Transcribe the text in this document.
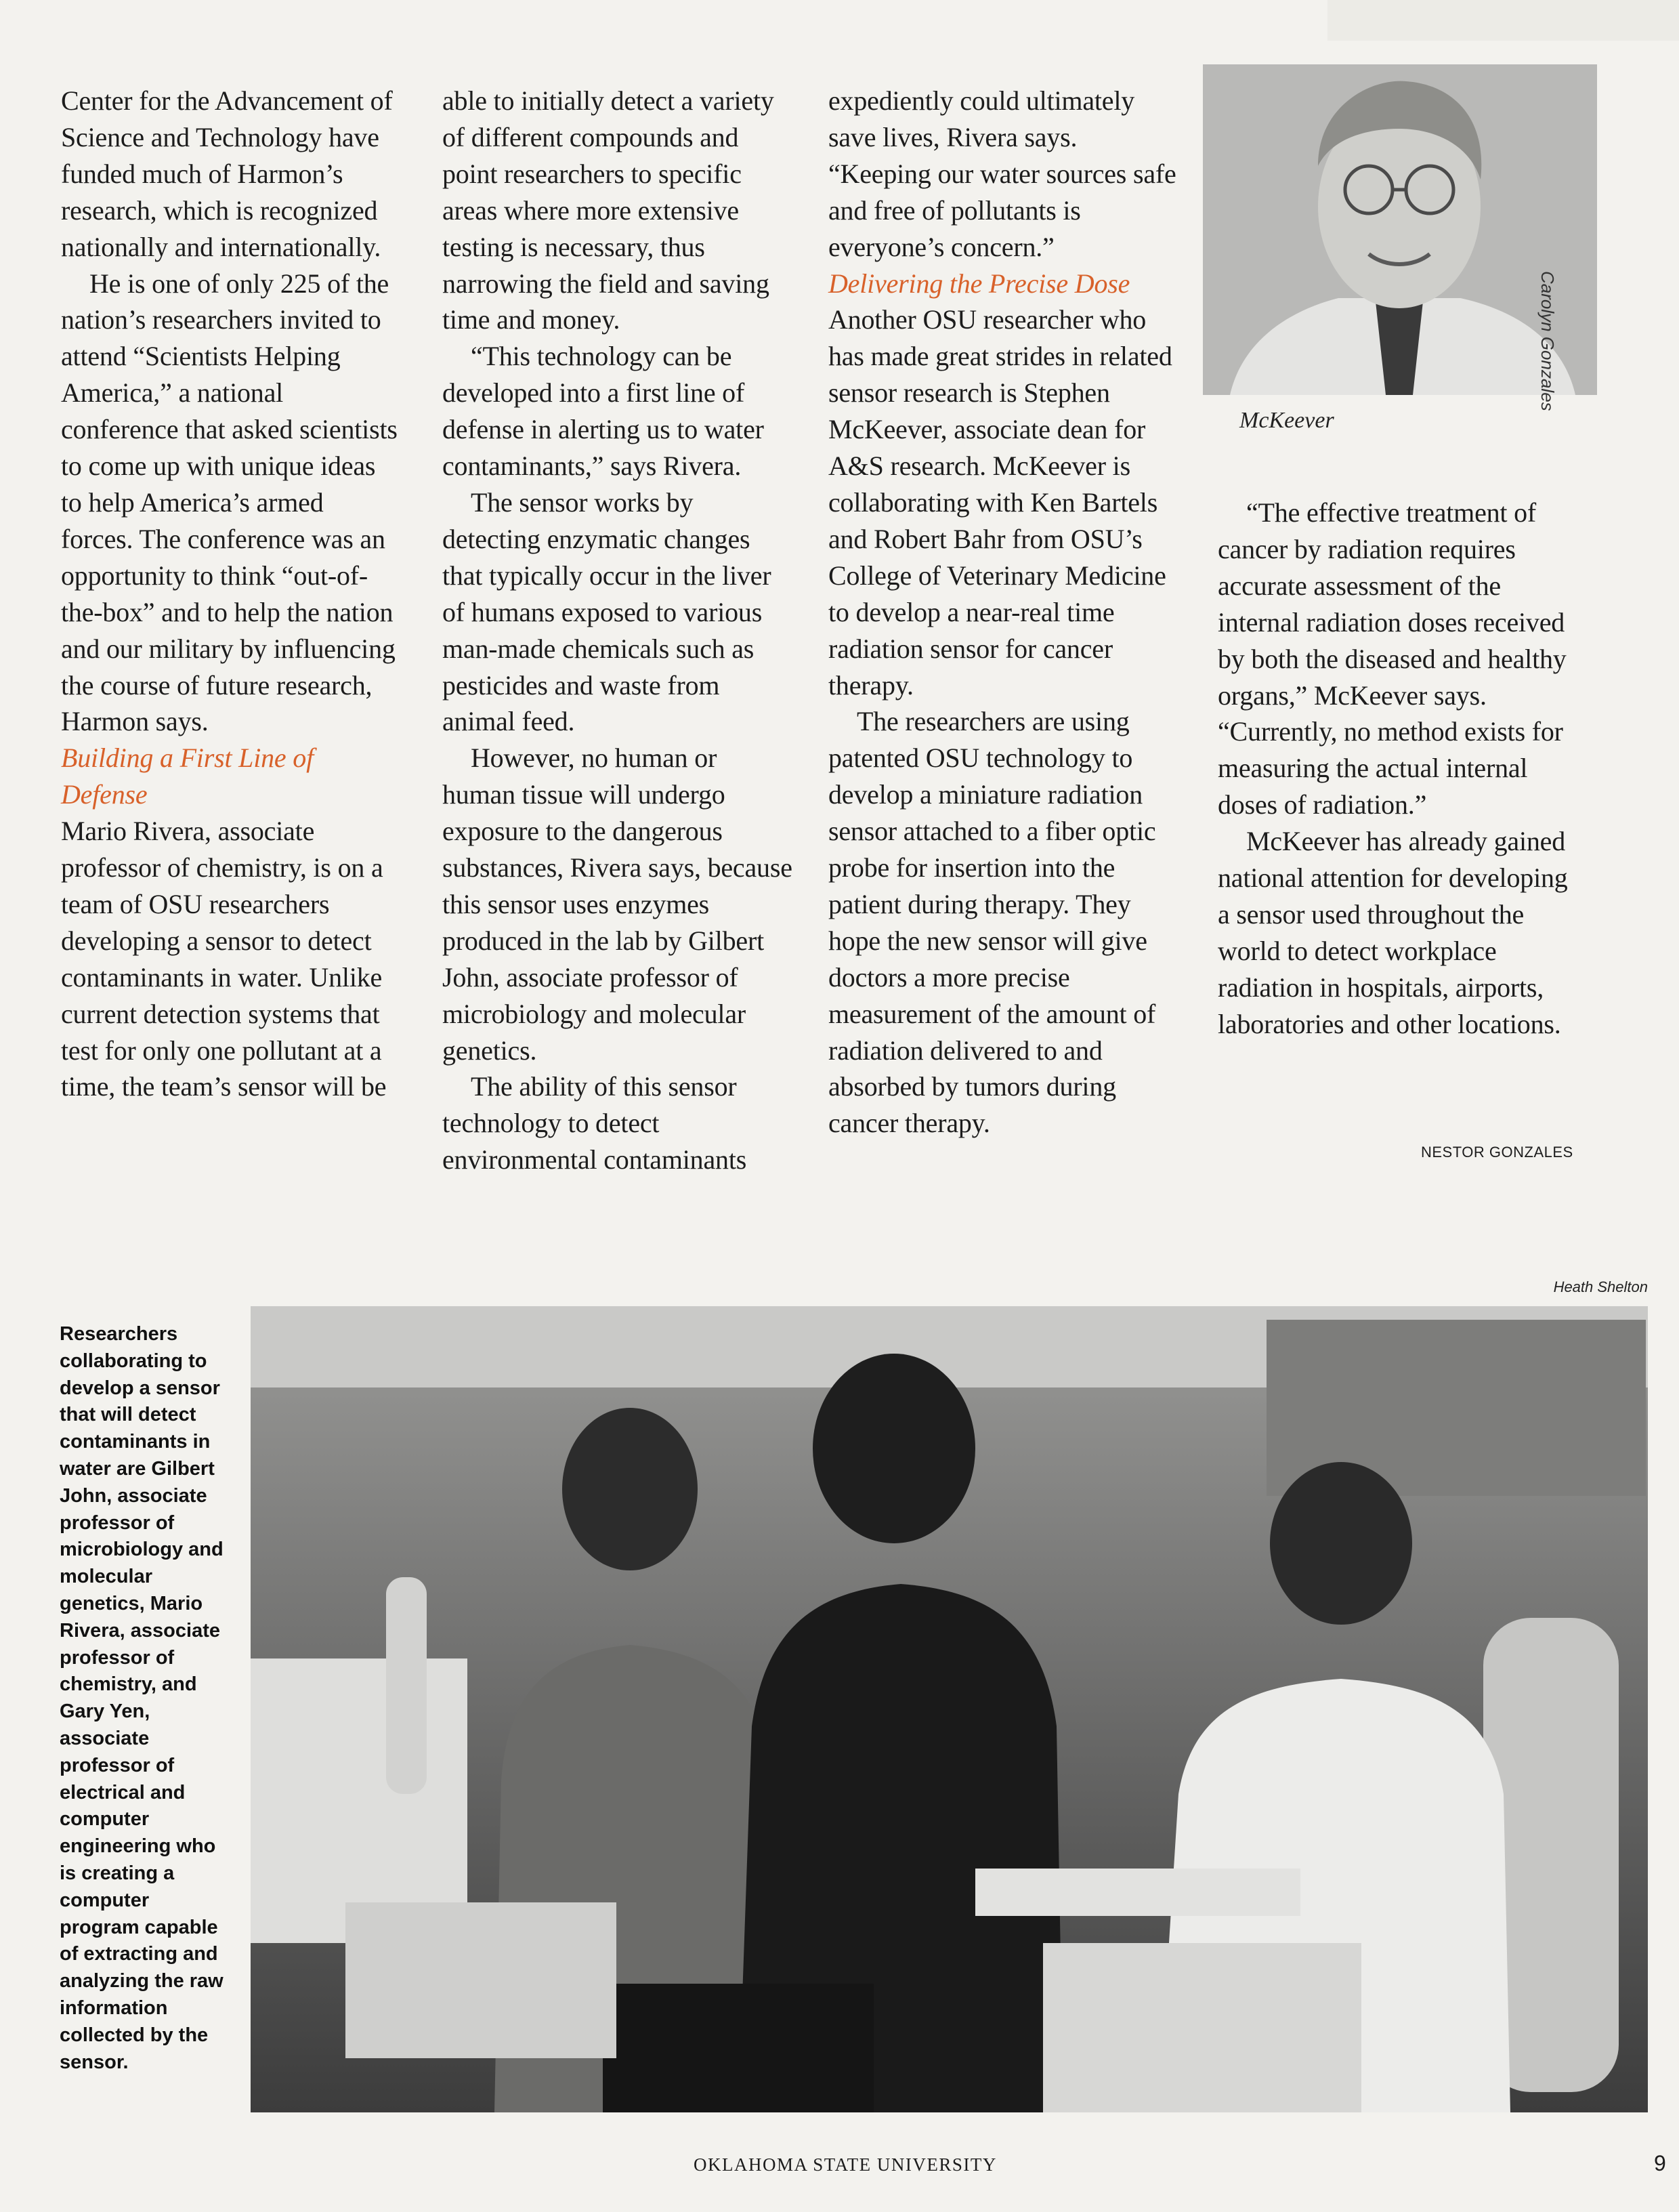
Center for the Advancement of Science and Technology have funded much of Harmon’s research, which is recognized nationally and internationally.

He is one of only 225 of the nation’s researchers invited to attend “Scientists Helping America,” a national conference that asked scientists to come up with unique ideas to help America’s armed forces. The conference was an opportunity to think “out-of-the-box” and to help the nation and our military by influencing the course of future research, Harmon says.

Building a First Line of Defense

Mario Rivera, associate professor of chemistry, is on a team of OSU researchers developing a sensor to detect contaminants in water. Unlike current detection systems that test for only one pollutant at a time, the team’s sensor will be

able to initially detect a variety of different compounds and point researchers to specific areas where more extensive testing is necessary, thus narrowing the field and saving time and money.

“This technology can be developed into a first line of defense in alerting us to water contaminants,” says Rivera.

The sensor works by detecting enzymatic changes that typically occur in the liver of humans exposed to various man-made chemicals such as pesticides and waste from animal feed.

However, no human or human tissue will undergo exposure to the dangerous substances, Rivera says, because this sensor uses enzymes produced in the lab by Gilbert John, associate professor of microbiology and molecular genetics.

The ability of this sensor technology to detect environmental contaminants

expediently could ultimately save lives, Rivera says. “Keeping our water sources safe and free of pollutants is everyone’s concern.”

Delivering the Precise Dose

Another OSU researcher who has made great strides in related sensor research is Stephen McKeever, associate dean for A&S research. McKeever is collaborating with Ken Bartels and Robert Bahr from OSU’s College of Veterinary Medicine to develop a near-real time radiation sensor for cancer therapy.

The researchers are using patented OSU technology to develop a miniature radiation sensor attached to a fiber optic probe for insertion into the patient during therapy. They hope the new sensor will give doctors a more precise measurement of the amount of radiation delivered to and absorbed by tumors during cancer therapy.

Carolyn Gonzales
McKeever

“The effective treatment of cancer by radiation requires accurate assessment of the internal radiation doses received by both the diseased and healthy organs,” McKeever says. “Currently, no method exists for measuring the actual internal doses of radiation.”

McKeever has already gained national attention for developing a sensor used throughout the world to detect workplace radiation in hospitals, airports, laboratories and other locations.

NESTOR GONZALES
Heath Shelton
Researchers collaborating to develop a sensor that will detect contaminants in water are Gilbert John, associate professor of microbiology and molecular genetics, Mario Rivera, associate professor of chemistry, and Gary Yen, associate professor of electrical and computer engineering who is creating a computer program capable of extracting and analyzing the raw information collected by the sensor.
OKLAHOMA STATE UNIVERSITY	9
